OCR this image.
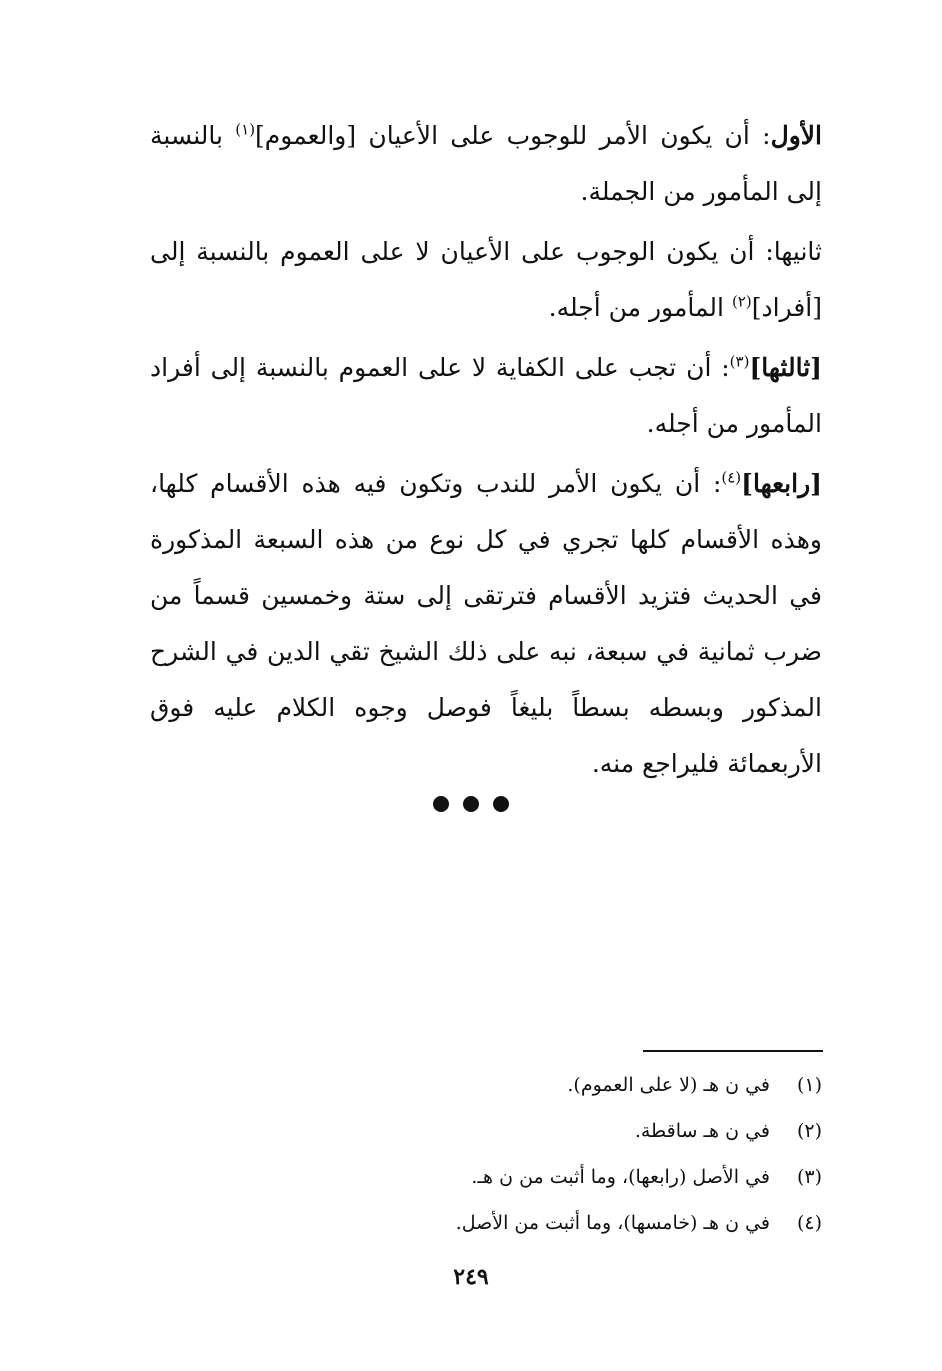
الأول: أن يكون الأمر للوجوب على الأعيان [والعموم]$^{(١)}$ بالنسبة إلى المأمور من الجملة.

ثانيها: أن يكون الوجوب على الأعيان لا على العموم بالنسبة إلى [أفراد]$^{(٢)}$ المأمور من أجله.

[ثالثها]$^{(٣)}$: أن تجب على الكفاية لا على العموم بالنسبة إلى أفراد المأمور من أجله.

[رابعها]$^{(٤)}$: أن يكون الأمر للندب وتكون فيه هذه الأقسام كلها، وهذه الأقسام كلها تجري في كل نوع من هذه السبعة المذكورة في الحديث فتزيد الأقسام فترتقى إلى ستة وخمسين قسماً من ضرب ثمانية في سبعة، نبه على ذلك الشيخ تقي الدين في الشرح المذكور وبسطه بسطاً بليغاً فوصل وجوه الكلام عليه فوق الأربعمائة فليراجع منه.

(١)
في ن هـ (لا على العموم).
(٢)
في ن هـ ساقطة.
(٣)
في الأصل (رابعها)، وما أثبت من ن هـ.
(٤)
في ن هـ (خامسها)، وما أثبت من الأصل.
٢٤٩
